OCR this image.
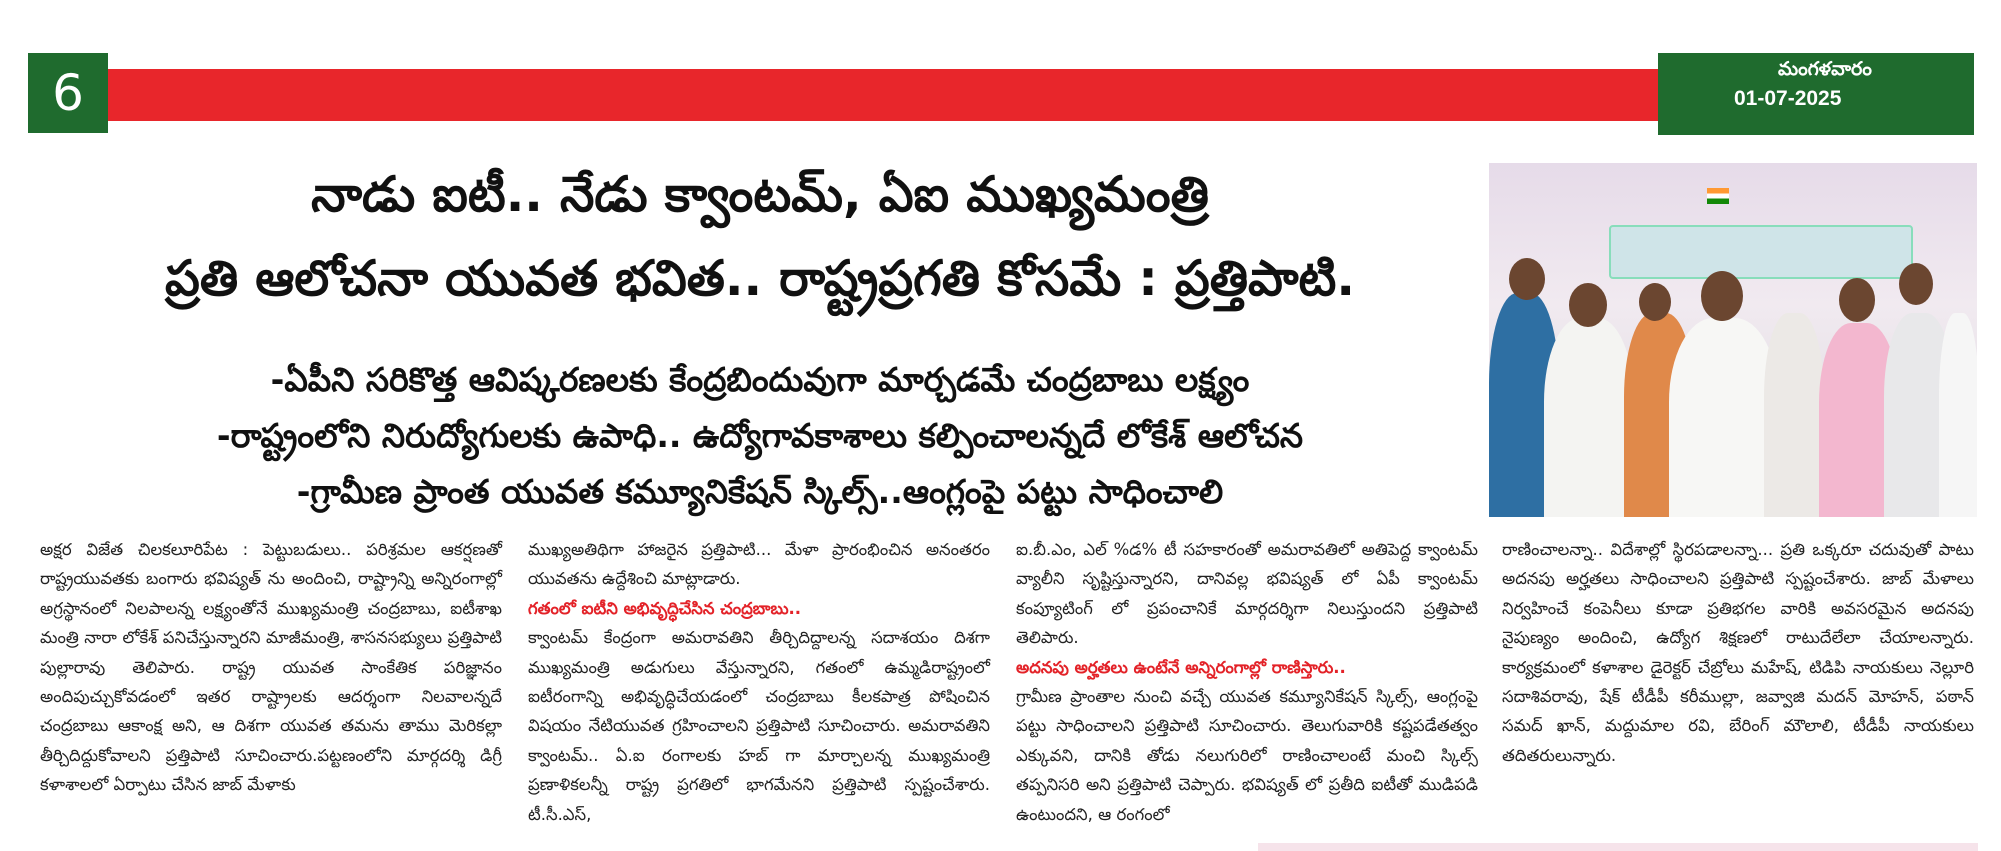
6	మంగళవారం
01-07-2025
నాడు ఐటీ.. నేడు క్వాంటమ్, ఏఐ ముఖ్యమంత్రి
ప్రతి ఆలోచనా యువత భవిత.. రాష్ట్రప్రగతి కోసమే : ప్రత్తిపాటి.
-ఏపీని సరికొత్త ఆవిష్కరణలకు కేంద్రబిందువుగా మార్చడమే చంద్రబాబు లక్ష్యం
-రాష్ట్రంలోని నిరుద్యోగులకు ఉపాధి.. ఉద్యోగావకాశాలు కల్పించాలన్నదే లోకేశ్ ఆలోచన
-గ్రామీణ ప్రాంత యువత కమ్యూనికేషన్ స్కిల్స్..ఆంగ్లంపై పట్టు సాధించాలి

అక్షర విజేత చిలకలూరిపేట : పెట్టుబడులు.. పరిశ్రమల ఆకర్షణతో రాష్ట్రయువతకు బంగారు భవిష్యత్ ను అందించి, రాష్ట్రాన్ని అన్నిరంగాల్లో అగ్రస్థానంలో నిలపాలన్న లక్ష్యంతోనే ముఖ్యమంత్రి చంద్రబాబు, ఐటీశాఖ మంత్రి నారా లోకేశ్ పనిచేస్తున్నారని మాజీమంత్రి, శాసనసభ్యులు ప్రత్తిపాటి పుల్లారావు తెలిపారు. రాష్ట్ర యువత సాంకేతిక పరిజ్ఞానం అందిపుచ్చుకోవడంలో ఇతర రాష్ట్రాలకు ఆదర్శంగా నిలవాలన్నదే చంద్రబాబు ఆకాంక్ష అని, ఆ దిశగా యువత తమను తాము మెరికల్లా తీర్చిదిద్దుకోవాలని ప్రత్తిపాటి సూచించారు.పట్టణంలోని మార్గదర్శి డిగ్రీ కళాశాలలో ఏర్పాటు చేసిన జాబ్ మేళాకు

ముఖ్యఅతిథిగా హాజరైన ప్రత్తిపాటి... మేళా ప్రారంభించిన అనంతరం యువతను ఉద్దేశించి మాట్లాడారు.

గతంలో ఐటీని అభివృద్ధిచేసిన చంద్రబాబు..

క్వాంటమ్ కేంద్రంగా అమరావతిని తీర్చిదిద్దాలన్న సదాశయం దిశగా ముఖ్యమంత్రి అడుగులు వేస్తున్నారని, గతంలో ఉమ్మడిరాష్ట్రంలో ఐటీరంగాన్ని అభివృద్ధిచేయడంలో చంద్రబాబు కీలకపాత్ర పోషించిన విషయం నేటియువత గ్రహించాలని ప్రత్తిపాటి సూచించారు. అమరావతిని క్వాంటమ్.. ఏ.ఐ రంగాలకు హబ్ గా మార్చాలన్న ముఖ్యమంత్రి ప్రణాళికలన్నీ రాష్ట్ర ప్రగతిలో భాగమేనని ప్రత్తిపాటి స్పష్టంచేశారు. టీ.సీ.ఎస్,

ఐ.బీ.ఎం, ఎల్ %డ% టీ సహకారంతో అమరావతిలో అతిపెద్ద క్వాంటమ్ వ్యాలీని సృష్టిస్తున్నారని, దానివల్ల భవిష్యత్ లో ఏపీ క్వాంటమ్ కంప్యూటింగ్ లో ప్రపంచానికే మార్గదర్శిగా నిలుస్తుందని ప్రత్తిపాటి తెలిపారు.

అదనపు అర్హతలు ఉంటేనే అన్నిరంగాల్లో రాణిస్తారు..

గ్రామీణ ప్రాంతాల నుంచి వచ్చే యువత కమ్యూనికేషన్ స్కిల్స్, ఆంగ్లంపై పట్టు సాధించాలని ప్రత్తిపాటి సూచించారు. తెలుగువారికి కష్టపడేతత్వం ఎక్కువని, దానికి తోడు నలుగురిలో రాణించాలంటే మంచి స్కిల్స్ తప్పనిసరి అని ప్రత్తిపాటి చెప్పారు. భవిష్యత్ లో ప్రతీది ఐటీతో ముడిపడి ఉంటుందని, ఆ రంగంలో

రాణించాలన్నా.. విదేశాల్లో స్థిరపడాలన్నా... ప్రతి ఒక్కరూ చదువుతో పాటు అదనపు అర్హతలు సాధించాలని ప్రత్తిపాటి స్పష్టంచేశారు. జాబ్ మేళాలు నిర్వహించే కంపెనీలు కూడా ప్రతిభగల వారికి అవసరమైన అదనపు నైపుణ్యం అందించి, ఉద్యోగ శిక్షణలో రాటుదేలేలా చేయాలన్నారు. కార్యక్రమంలో కళాశాల డైరెక్టర్ చేబ్రోలు మహేష్, టిడిపి నాయకులు నెల్లూరి సదాశివరావు, షేక్ టీడీపీ కరీముల్లా, జవ్వాజి మదన్ మోహన్, పఠాన్ సమద్ ఖాన్, మద్దుమాల రవి, బేరింగ్ మౌలాలి, టీడీపీ నాయకులు తదితరులున్నారు.
